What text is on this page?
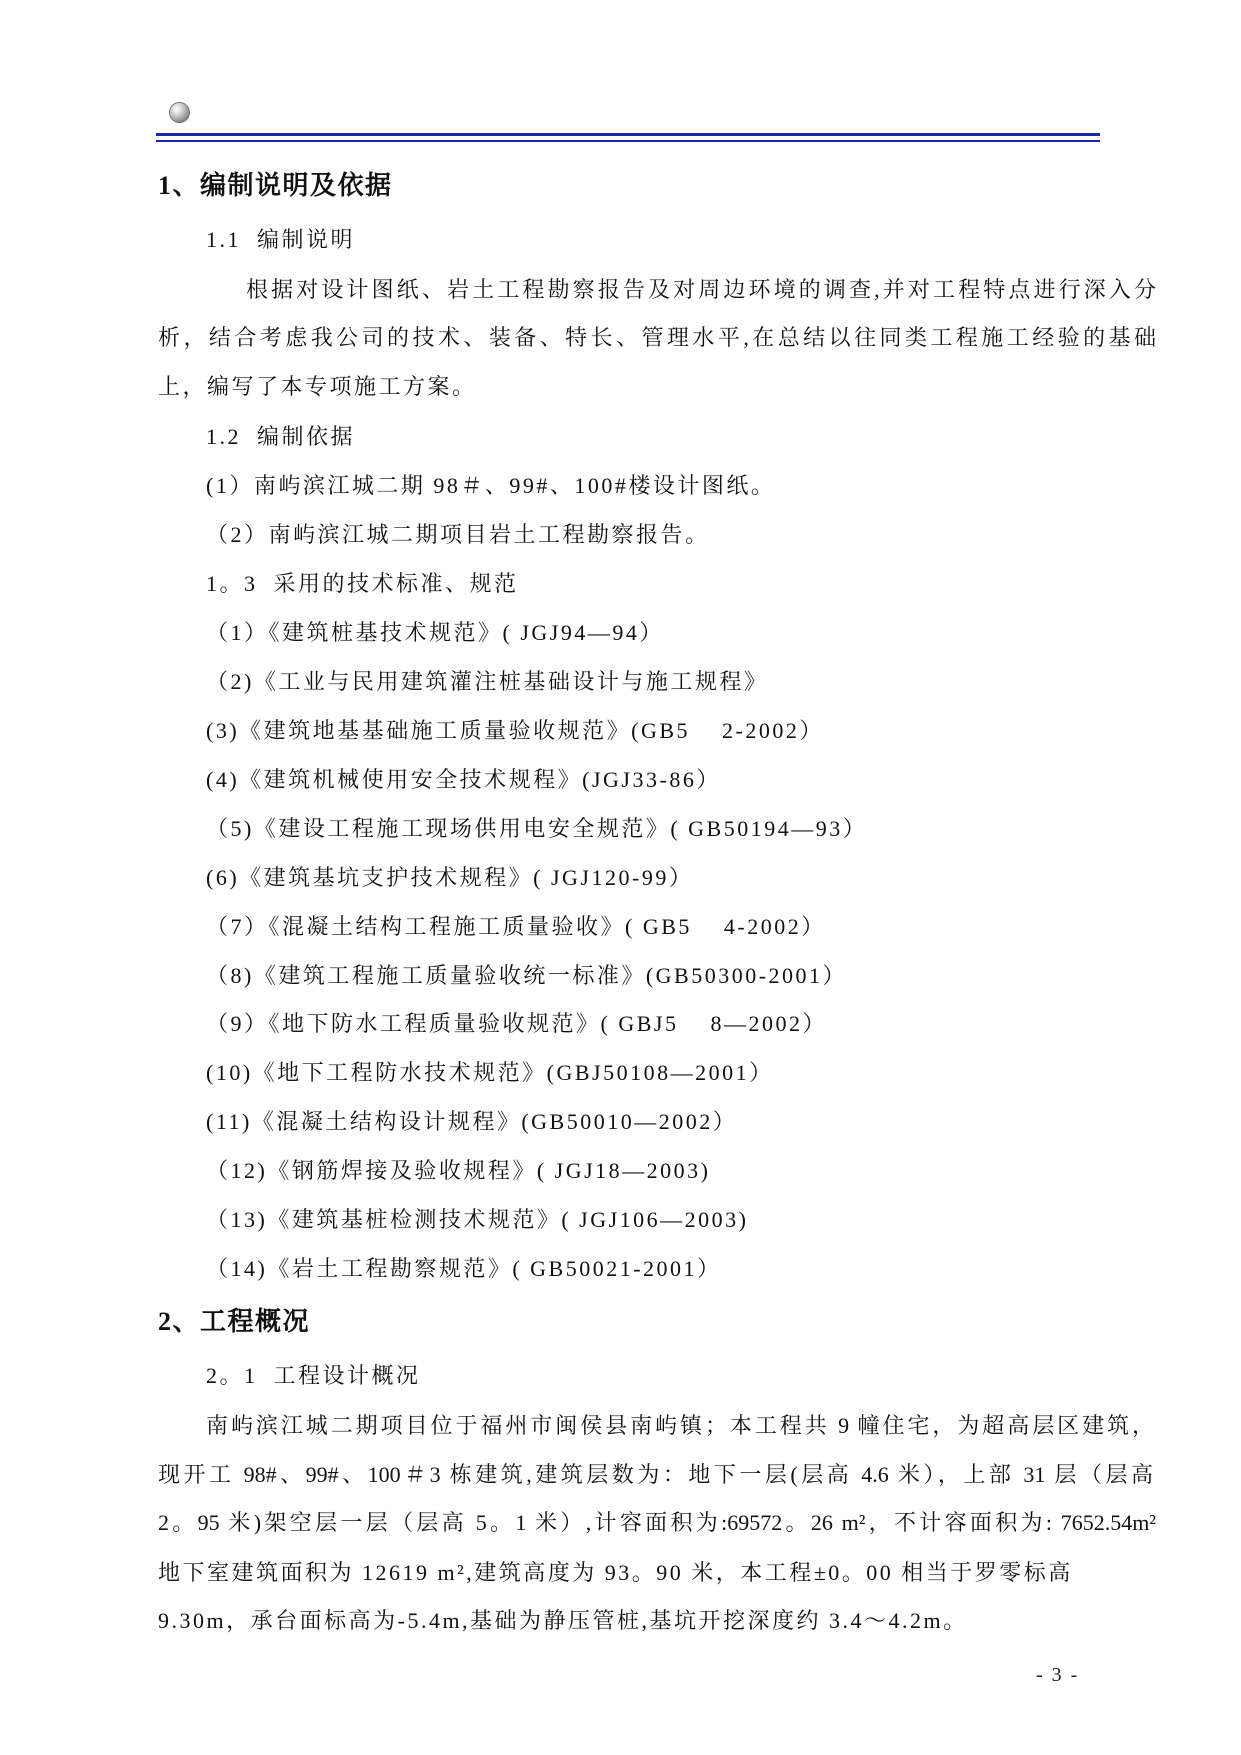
1、编制说明及依据
1.1  编制说明
根据对设计图纸、岩土工程勘察报告及对周边环境的调查,并对工程特点进行深入分
析，结合考虑我公司的技术、装备、特长、管理水平,在总结以往同类工程施工经验的基础
上，编写了本专项施工方案。
1.2  编制依据
(1）南屿滨江城二期 98＃、99#、100#楼设计图纸。
（2）南屿滨江城二期项目岩土工程勘察报告。
1。3  采用的技术标准、规范
（1）《建筑桩基技术规范》( JGJ94—94）
（2)《工业与民用建筑灌注桩基础设计与施工规程》
(3)《建筑地基基础施工质量验收规范》(GB5    2-2002）
(4)《建筑机械使用安全技术规程》(JGJ33-86）
（5)《建设工程施工现场供用电安全规范》( GB50194—93）
(6)《建筑基坑支护技术规程》( JGJ120-99）
（7）《混凝土结构工程施工质量验收》( GB5    4-2002）
（8)《建筑工程施工质量验收统一标准》(GB50300-2001）
（9）《地下防水工程质量验收规范》( GBJ5    8—2002）
(10)《地下工程防水技术规范》(GBJ50108—2001）
(11)《混凝土结构设计规程》(GB50010—2002）
（12)《钢筋焊接及验收规程》( JGJ18—2003)
（13)《建筑基桩检测技术规范》( JGJ106—2003)
（14)《岩土工程勘察规范》( GB50021-2001）
2、工程概况
2。1  工程设计概况
南屿滨江城二期项目位于福州市闽侯县南屿镇；本工程共 9 幢住宅，为超高层区建筑，
现开工 98#、99#、100＃3 栋建筑,建筑层数为：地下一层(层高 4.6 米），上部 31 层（层高
2。95 米)架空层一层（层高 5。1 米）,计容面积为:69572。26 m²，不计容面积为: 7652.54m²
地下室建筑面积为 12619 m²,建筑高度为 93。90 米，本工程±0。00 相当于罗零标高
9.30m，承台面标高为-5.4m,基础为静压管桩,基坑开挖深度约 3.4～4.2m。
- 3 -
